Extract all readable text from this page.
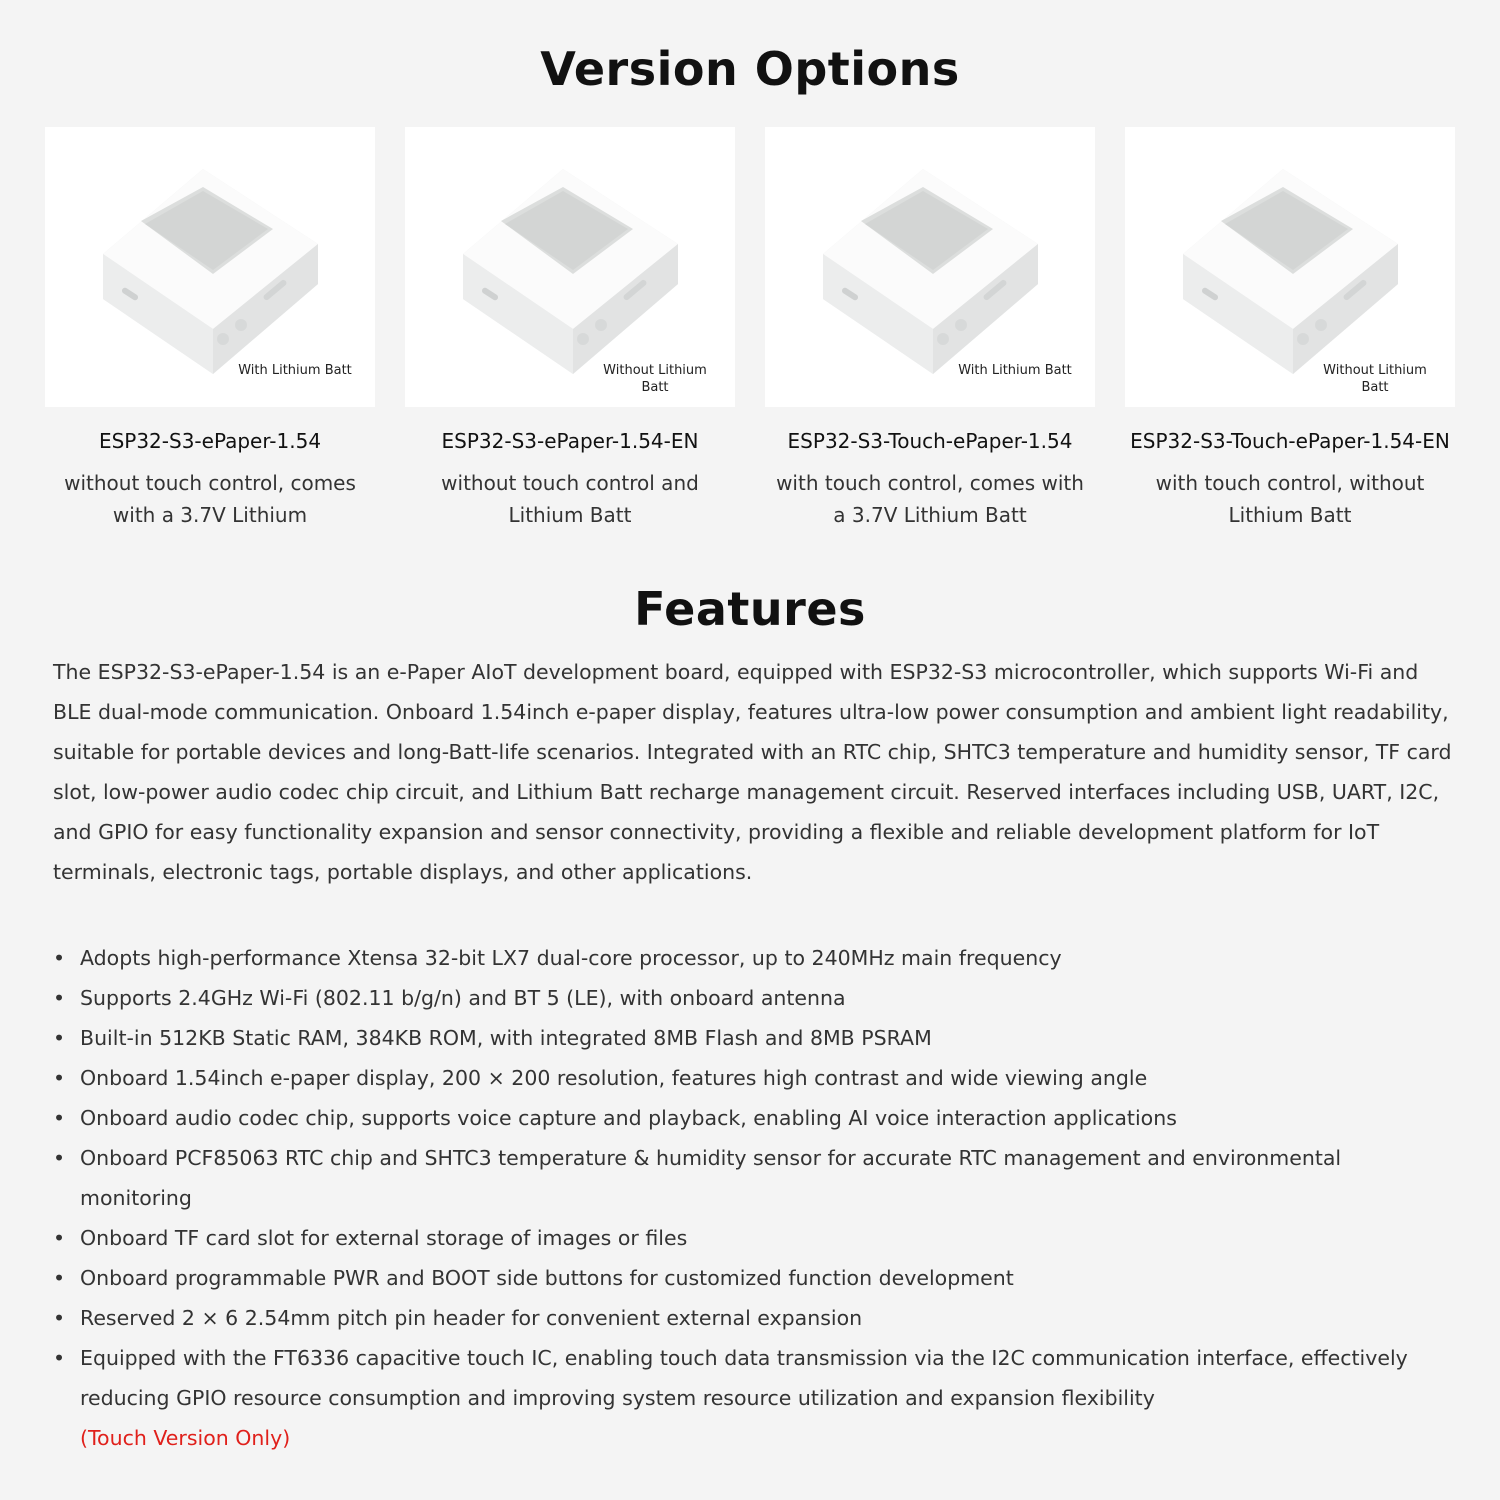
Version Options
With Lithium Batt
ESP32-S3-ePaper-1.54
without touch control, comes with a 3.7V Lithium
Without Lithium Batt
ESP32-S3-ePaper-1.54-EN
without touch control and Lithium Batt
With Lithium Batt
ESP32-S3-Touch-ePaper-1.54
with touch control, comes with a 3.7V Lithium Batt
Without Lithium Batt
ESP32-S3-Touch-ePaper-1.54-EN
with touch control, without Lithium Batt
Features

The ESP32-S3-ePaper-1.54 is an e-Paper AIoT development board, equipped with ESP32-S3 microcontroller, which supports Wi-Fi and BLE dual-mode communication. Onboard 1.54inch e-paper display, features ultra-low power consumption and ambient light readability, suitable for portable devices and long-Batt-life scenarios. Integrated with an RTC chip, SHTC3 temperature and humidity sensor, TF card slot, low-power audio codec chip circuit, and Lithium Batt recharge management circuit. Reserved interfaces including USB, UART, I2C, and GPIO for easy functionality expansion and sensor connectivity, providing a flexible and reliable development platform for IoT terminals, electronic tags, portable displays, and other applications.

• Adopts high-performance Xtensa 32-bit LX7 dual-core processor, up to 240MHz main frequency
• Supports 2.4GHz Wi-Fi (802.11 b/g/n) and BT 5 (LE), with onboard antenna
• Built-in 512KB Static RAM, 384KB ROM, with integrated 8MB Flash and 8MB PSRAM
• Onboard 1.54inch e-paper display, 200 × 200 resolution, features high contrast and wide viewing angle
• Onboard audio codec chip, supports voice capture and playback, enabling AI voice interaction applications
• Onboard PCF85063 RTC chip and SHTC3 temperature & humidity sensor for accurate RTC management and environmental monitoring
• Onboard TF card slot for external storage of images or files
• Onboard programmable PWR and BOOT side buttons for customized function development
• Reserved 2 × 6 2.54mm pitch pin header for convenient external expansion
• Equipped with the FT6336 capacitive touch IC, enabling touch data transmission via the I2C communication interface, effectively reducing GPIO resource consumption and improving system resource utilization and expansion flexibility
(Touch Version Only)
